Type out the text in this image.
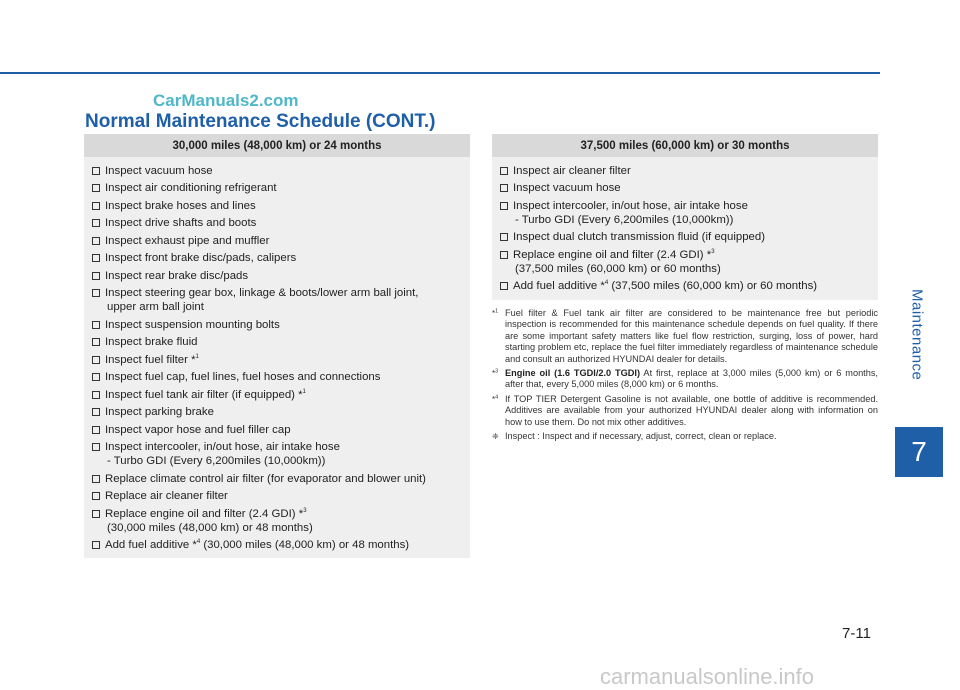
CarManuals2.com
Normal Maintenance Schedule (CONT.)
Maintenance
7
30,000 miles (48,000 km) or 24 months
Inspect vacuum hose
Inspect air conditioning refrigerant
Inspect brake hoses and lines
Inspect drive shafts and boots
Inspect exhaust pipe and muffler
Inspect front brake disc/pads, calipers
Inspect rear brake disc/pads
Inspect steering gear box, linkage & boots/lower arm ball joint,
upper arm ball joint
Inspect suspension mounting bolts
Inspect brake fluid
Inspect fuel filter *$^1$
Inspect fuel cap, fuel lines, fuel hoses and connections
Inspect fuel tank air filter (if equipped) *$^1$
Inspect parking brake
Inspect vapor hose and fuel filler cap
Inspect intercooler, in/out hose, air intake hose
- Turbo GDI (Every 6,200miles (10,000km))
Replace climate control air filter (for evaporator and blower unit)
Replace air cleaner filter
Replace engine oil and filter (2.4 GDI) *$^3$
(30,000 miles (48,000 km) or 48 months)
Add fuel additive *$^4$ (30,000 miles (48,000 km) or 48 months)
37,500 miles (60,000 km) or 30 months
Inspect air cleaner filter
Inspect vacuum hose
Inspect intercooler, in/out hose, air intake hose
- Turbo GDI (Every 6,200miles (10,000km))
Inspect dual clutch transmission fluid (if equipped)
Replace engine oil and filter (2.4 GDI) *$^3$
(37,500 miles (60,000 km) or 60 months)
Add fuel additive *$^4$ (37,500 miles (60,000 km) or 60 months)
*$^1$ Fuel filter & Fuel tank air filter are considered to be maintenance free but periodic inspection is recommended for this maintenance schedule depends on fuel quality. If there are some important safety matters like fuel flow restriction, surging, loss of power, hard starting problem etc, replace the fuel filter immediately regardless of maintenance schedule and consult an authorized HYUNDAI dealer for details.
*$^3$ Engine oil (1.6 TGDI/2.0 TGDI) At first, replace at 3,000 miles (5,000 km) or 6 months, after that, every 5,000 miles (8,000 km) or 6 months.
*$^4$ If TOP TIER Detergent Gasoline is not available, one bottle of additive is recommended. Additives are available from your authorized HYUNDAI dealer along with information on how to use them. Do not mix other additives.
❈ Inspect : Inspect and if necessary, adjust, correct, clean or replace.
7-11
carmanualsonline.info
